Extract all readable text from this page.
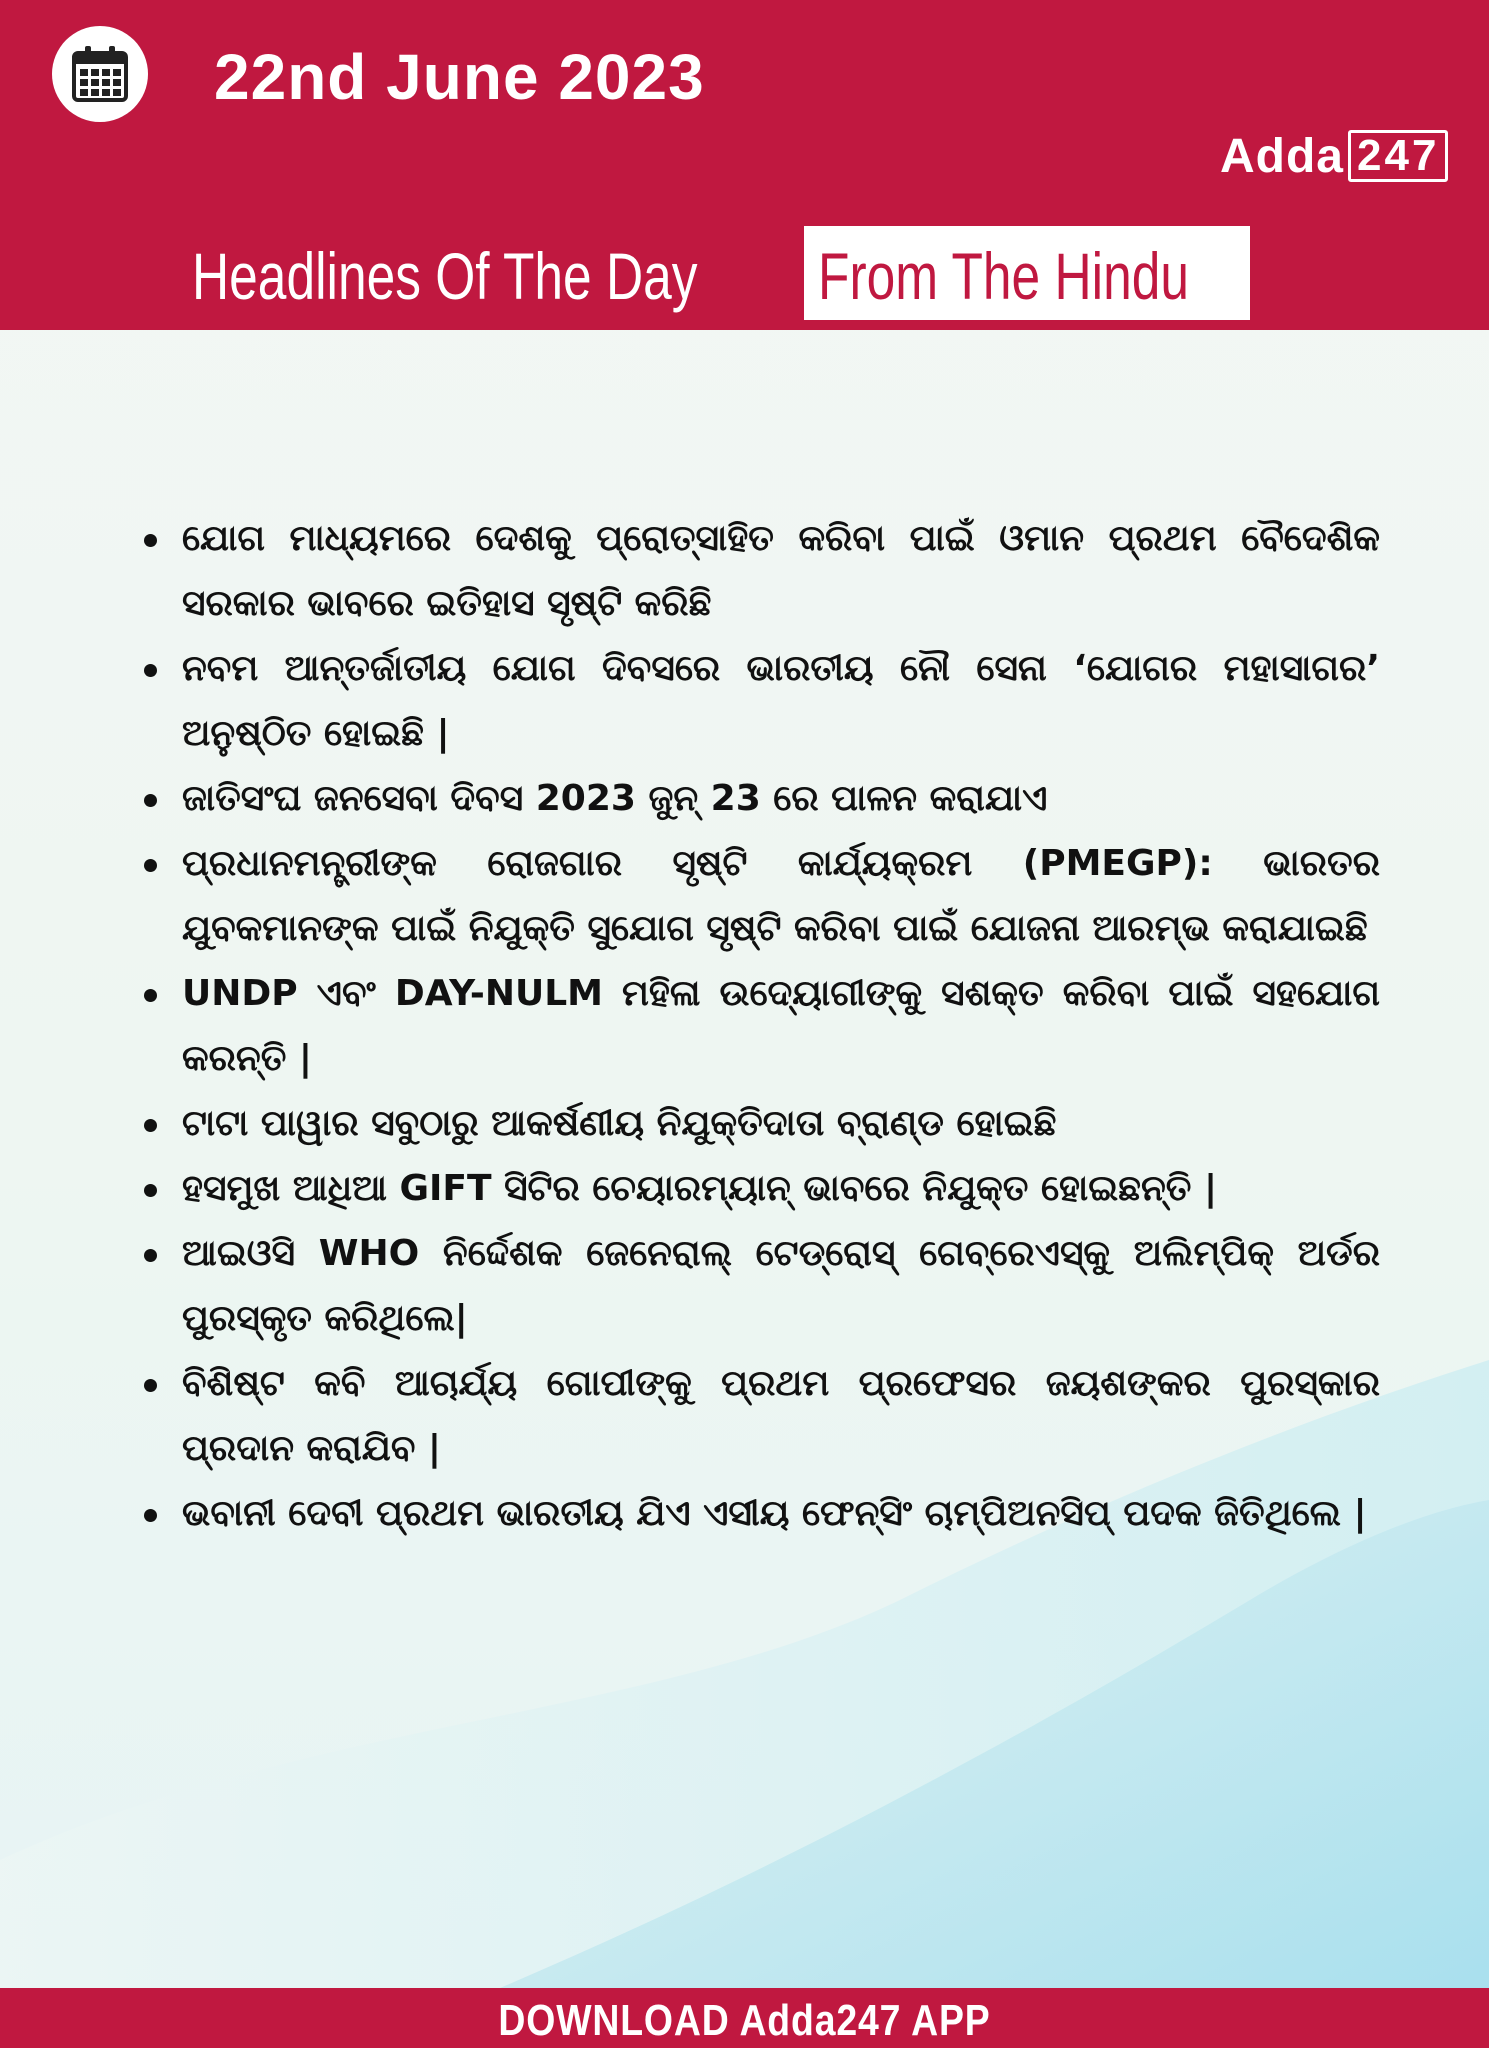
22nd June 2023
Adda 247
Headlines Of The Day From The Hindu
ଯୋଗ ମାଧ୍ୟମରେ ଦେଶକୁ ପ୍ରୋତ୍ସାହିତ କରିବା ପାଇଁ ଓମାନ ପ୍ରଥମ ବୈଦେଶିକ ସରକାର ଭାବରେ ଇତିହାସ ସୃଷ୍ଟି କରିଛି
ନବମ ଆନ୍ତର୍ଜାତୀୟ ଯୋଗ ଦିବସରେ ଭାରତୀୟ ନୌ ସେନା ‘ଯୋଗର ମହାସାଗର’ ଅନୁଷ୍ଠିତ ହୋଇଛି |
ଜାତିସଂଘ ଜନସେବା ଦିବସ 2023 ଜୁନ୍ 23 ରେ ପାଳନ କରାଯାଏ
ପ୍ରଧାନମନ୍ତ୍ରୀଙ୍କ ରୋଜଗାର ସୃଷ୍ଟି କାର୍ଯ୍ୟକ୍ରମ (PMEGP): ଭାରତର ଯୁବକମାନଙ୍କ ପାଇଁ ନିଯୁକ୍ତି ସୁଯୋଗ ସୃଷ୍ଟି କରିବା ପାଇଁ ଯୋଜନା ଆରମ୍ଭ କରାଯାଇଛି
UNDP ଏବଂ DAY-NULM ମହିଳା ଉଦ୍ୟୋଗୀଙ୍କୁ ସଶକ୍ତ କରିବା ପାଇଁ ସହଯୋଗ କରନ୍ତି |
ଟାଟା ପାୱାର ସବୁଠାରୁ ଆକର୍ଷଣୀୟ ନିଯୁକ୍ତିଦାତା ବ୍ରାଣ୍ଡ ହୋଇଛି
ହସମୁଖ ଆଧିଆ GIFT ସିଟିର ଚେୟାରମ୍ୟାନ୍ ଭାବରେ ନିଯୁକ୍ତ ହୋଇଛନ୍ତି |
ଆଇଓସି WHO ନିର୍ଦ୍ଦେଶକ ଜେନେରାଲ୍ ଟେଡ୍ରୋସ୍ ଗେବ୍ରେଏସ୍କୁ ଅଲିମ୍ପିକ୍ ଅର୍ଡର ପୁରସ୍କୃତ କରିଥିଲେ|
ବିଶିଷ୍ଟ କବି ଆଚାର୍ଯ୍ୟ ଗୋପୀଙ୍କୁ ପ୍ରଥମ ପ୍ରଫେସର ଜୟଶଙ୍କର ପୁରସ୍କାର ପ୍ରଦାନ କରାଯିବ |
ଭବାନୀ ଦେବୀ ପ୍ରଥମ ଭାରତୀୟ ଯିଏ ଏସୀୟ ଫେନ୍ସିଂ ଚାମ୍ପିଅନସିପ୍ ପଦକ ଜିତିଥିଲେ |
DOWNLOAD Adda247 APP
